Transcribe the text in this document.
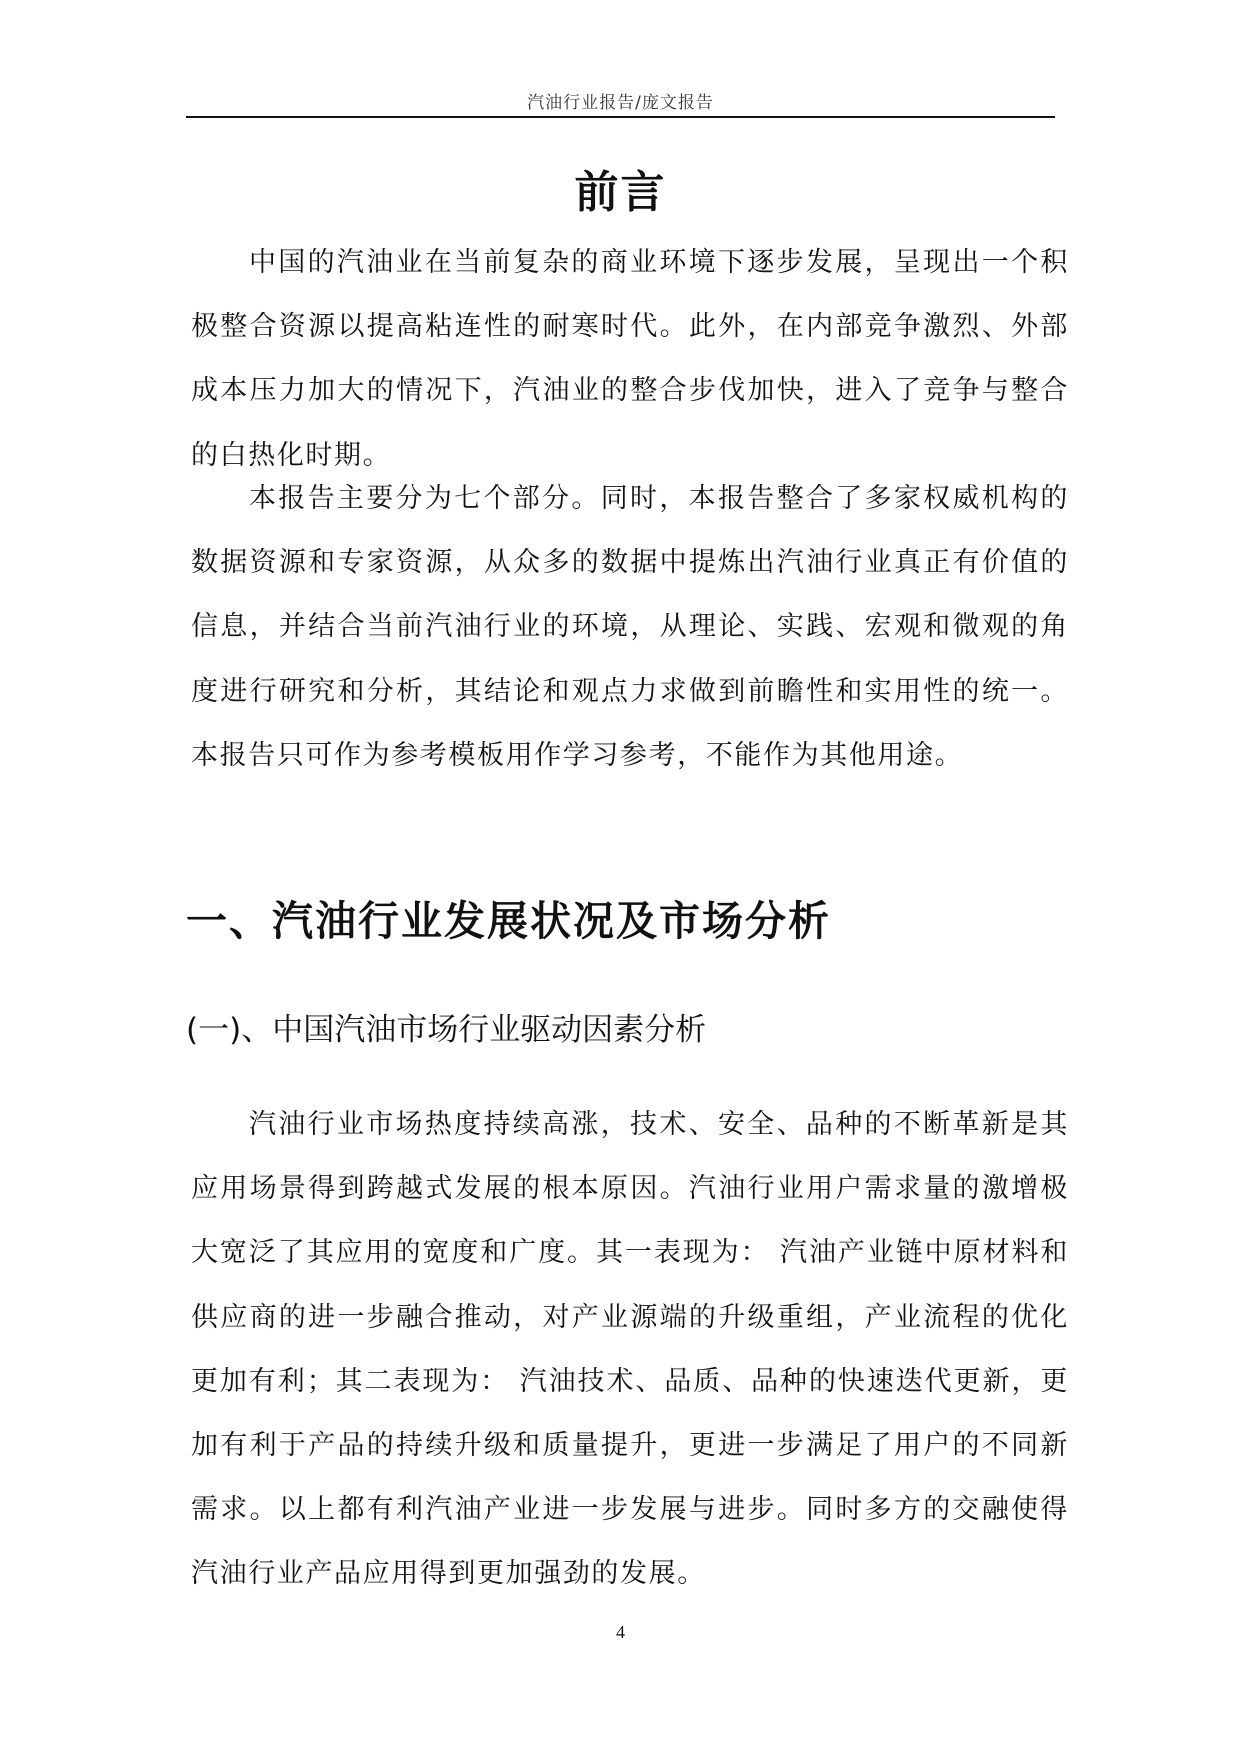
汽油行业报告/庞文报告
前言

中国的汽油业在当前复杂的商业环境下逐步发展，呈现出一个积极整合资源以提高粘连性的耐寒时代。此外，在内部竞争激烈、外部成本压力加大的情况下，汽油业的整合步伐加快，进入了竞争与整合的白热化时期。

本报告主要分为七个部分。同时，本报告整合了多家权威机构的数据资源和专家资源，从众多的数据中提炼出汽油行业真正有价值的信息，并结合当前汽油行业的环境，从理论、实践、宏观和微观的角度进行研究和分析，其结论和观点力求做到前瞻性和实用性的统一。本报告只可作为参考模板用作学习参考，不能作为其他用途。

一、汽油行业发展状况及市场分析
(一)、中国汽油市场行业驱动因素分析

汽油行业市场热度持续高涨，技术、安全、品种的不断革新是其应用场景得到跨越式发展的根本原因。汽油行业用户需求量的激增极大宽泛了其应用的宽度和广度。其一表现为： 汽油产业链中原材料和供应商的进一步融合推动，对产业源端的升级重组，产业流程的优化更加有利；其二表现为： 汽油技术、品质、品种的快速迭代更新，更加有利于产品的持续升级和质量提升，更进一步满足了用户的不同新需求。以上都有利汽油产业进一步发展与进步。同时多方的交融使得汽油行业产品应用得到更加强劲的发展。

4
